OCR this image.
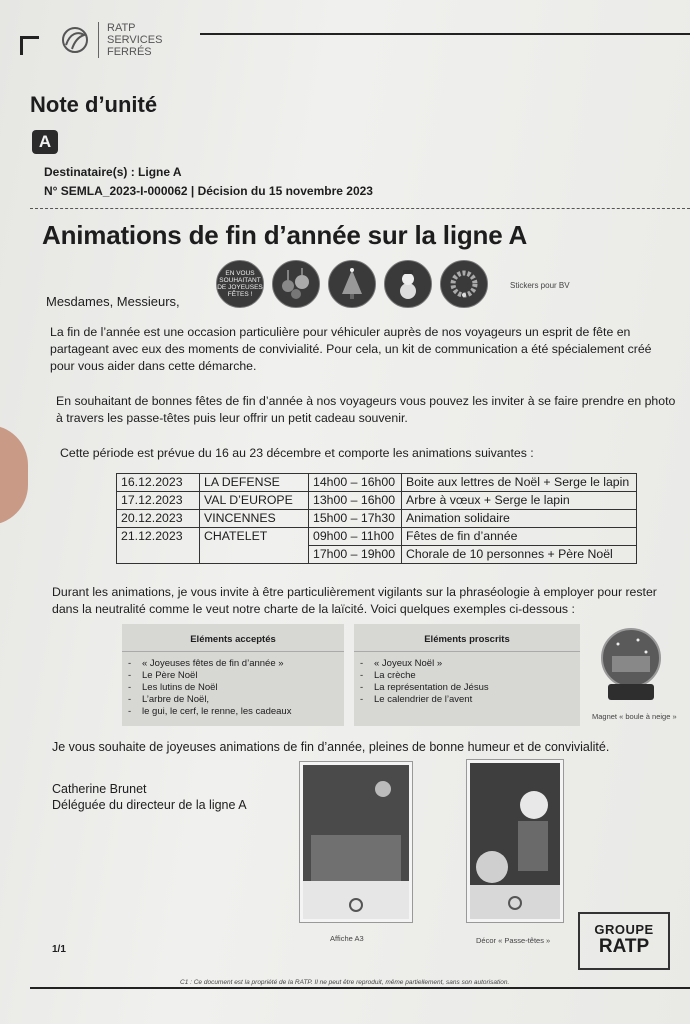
RATP
SERVICES
FERRÉS
Note d’unité
A
Destinataire(s) : Ligne A
N° SEMLA_2023-I-000062 | Décision du 15 novembre 2023
Animations de fin d’année sur la ligne A
EN VOUS SOUHAITANT DE JOYEUSES FÊTES !
Stickers pour BV
Mesdames, Messieurs,
La fin de l’année est une occasion particulière pour véhiculer auprès de nos voyageurs un esprit de fête en partageant avec eux des moments de convivialité. Pour cela, un kit de communication a été spécialement créé pour vous aider dans cette démarche.
En souhaitant de bonnes fêtes de fin d’année à nos voyageurs vous pouvez les inviter à se faire prendre en photo à travers les passe-têtes puis leur offrir un petit cadeau souvenir.
Cette période est prévue du 16 au 23 décembre et comporte les animations suivantes :
16.12.2023	LA DEFENSE	14h00 – 16h00	Boite aux lettres de Noël + Serge le lapin
17.12.2023	VAL D’EUROPE	13h00 – 16h00	Arbre à vœux + Serge le lapin
20.12.2023	VINCENNES	15h00 – 17h30	Animation solidaire
21.12.2023	CHATELET	09h00 – 11h00	Fêtes de fin d’année
		17h00 – 19h00	Chorale de 10 personnes + Père Noël
Durant les animations, je vous invite à être particulièrement vigilants sur la phraséologie à employer pour rester dans la neutralité comme le veut notre charte de la laïcité. Voici quelques exemples ci-dessous :
Eléments acceptés
- « Joyeuses fêtes de fin d’année »
- Le Père Noël
- Les lutins de Noël
- L’arbre de Noël,
- le gui, le cerf, le renne, les cadeaux
Eléments proscrits
- « Joyeux Noël »
- La crèche
- La représentation de Jésus
- Le calendrier de l’avent
Magnet « boule à neige »
Je vous souhaite de joyeuses animations de fin d’année, pleines de bonne humeur et de convivialité.
Catherine Brunet
Déléguée du directeur de la ligne A
Affiche A3	Décor « Passe-têtes »
1/1
GROUPE
RATP
C1 : Ce document est la propriété de la RATP. Il ne peut être reproduit, même partiellement, sans son autorisation.
